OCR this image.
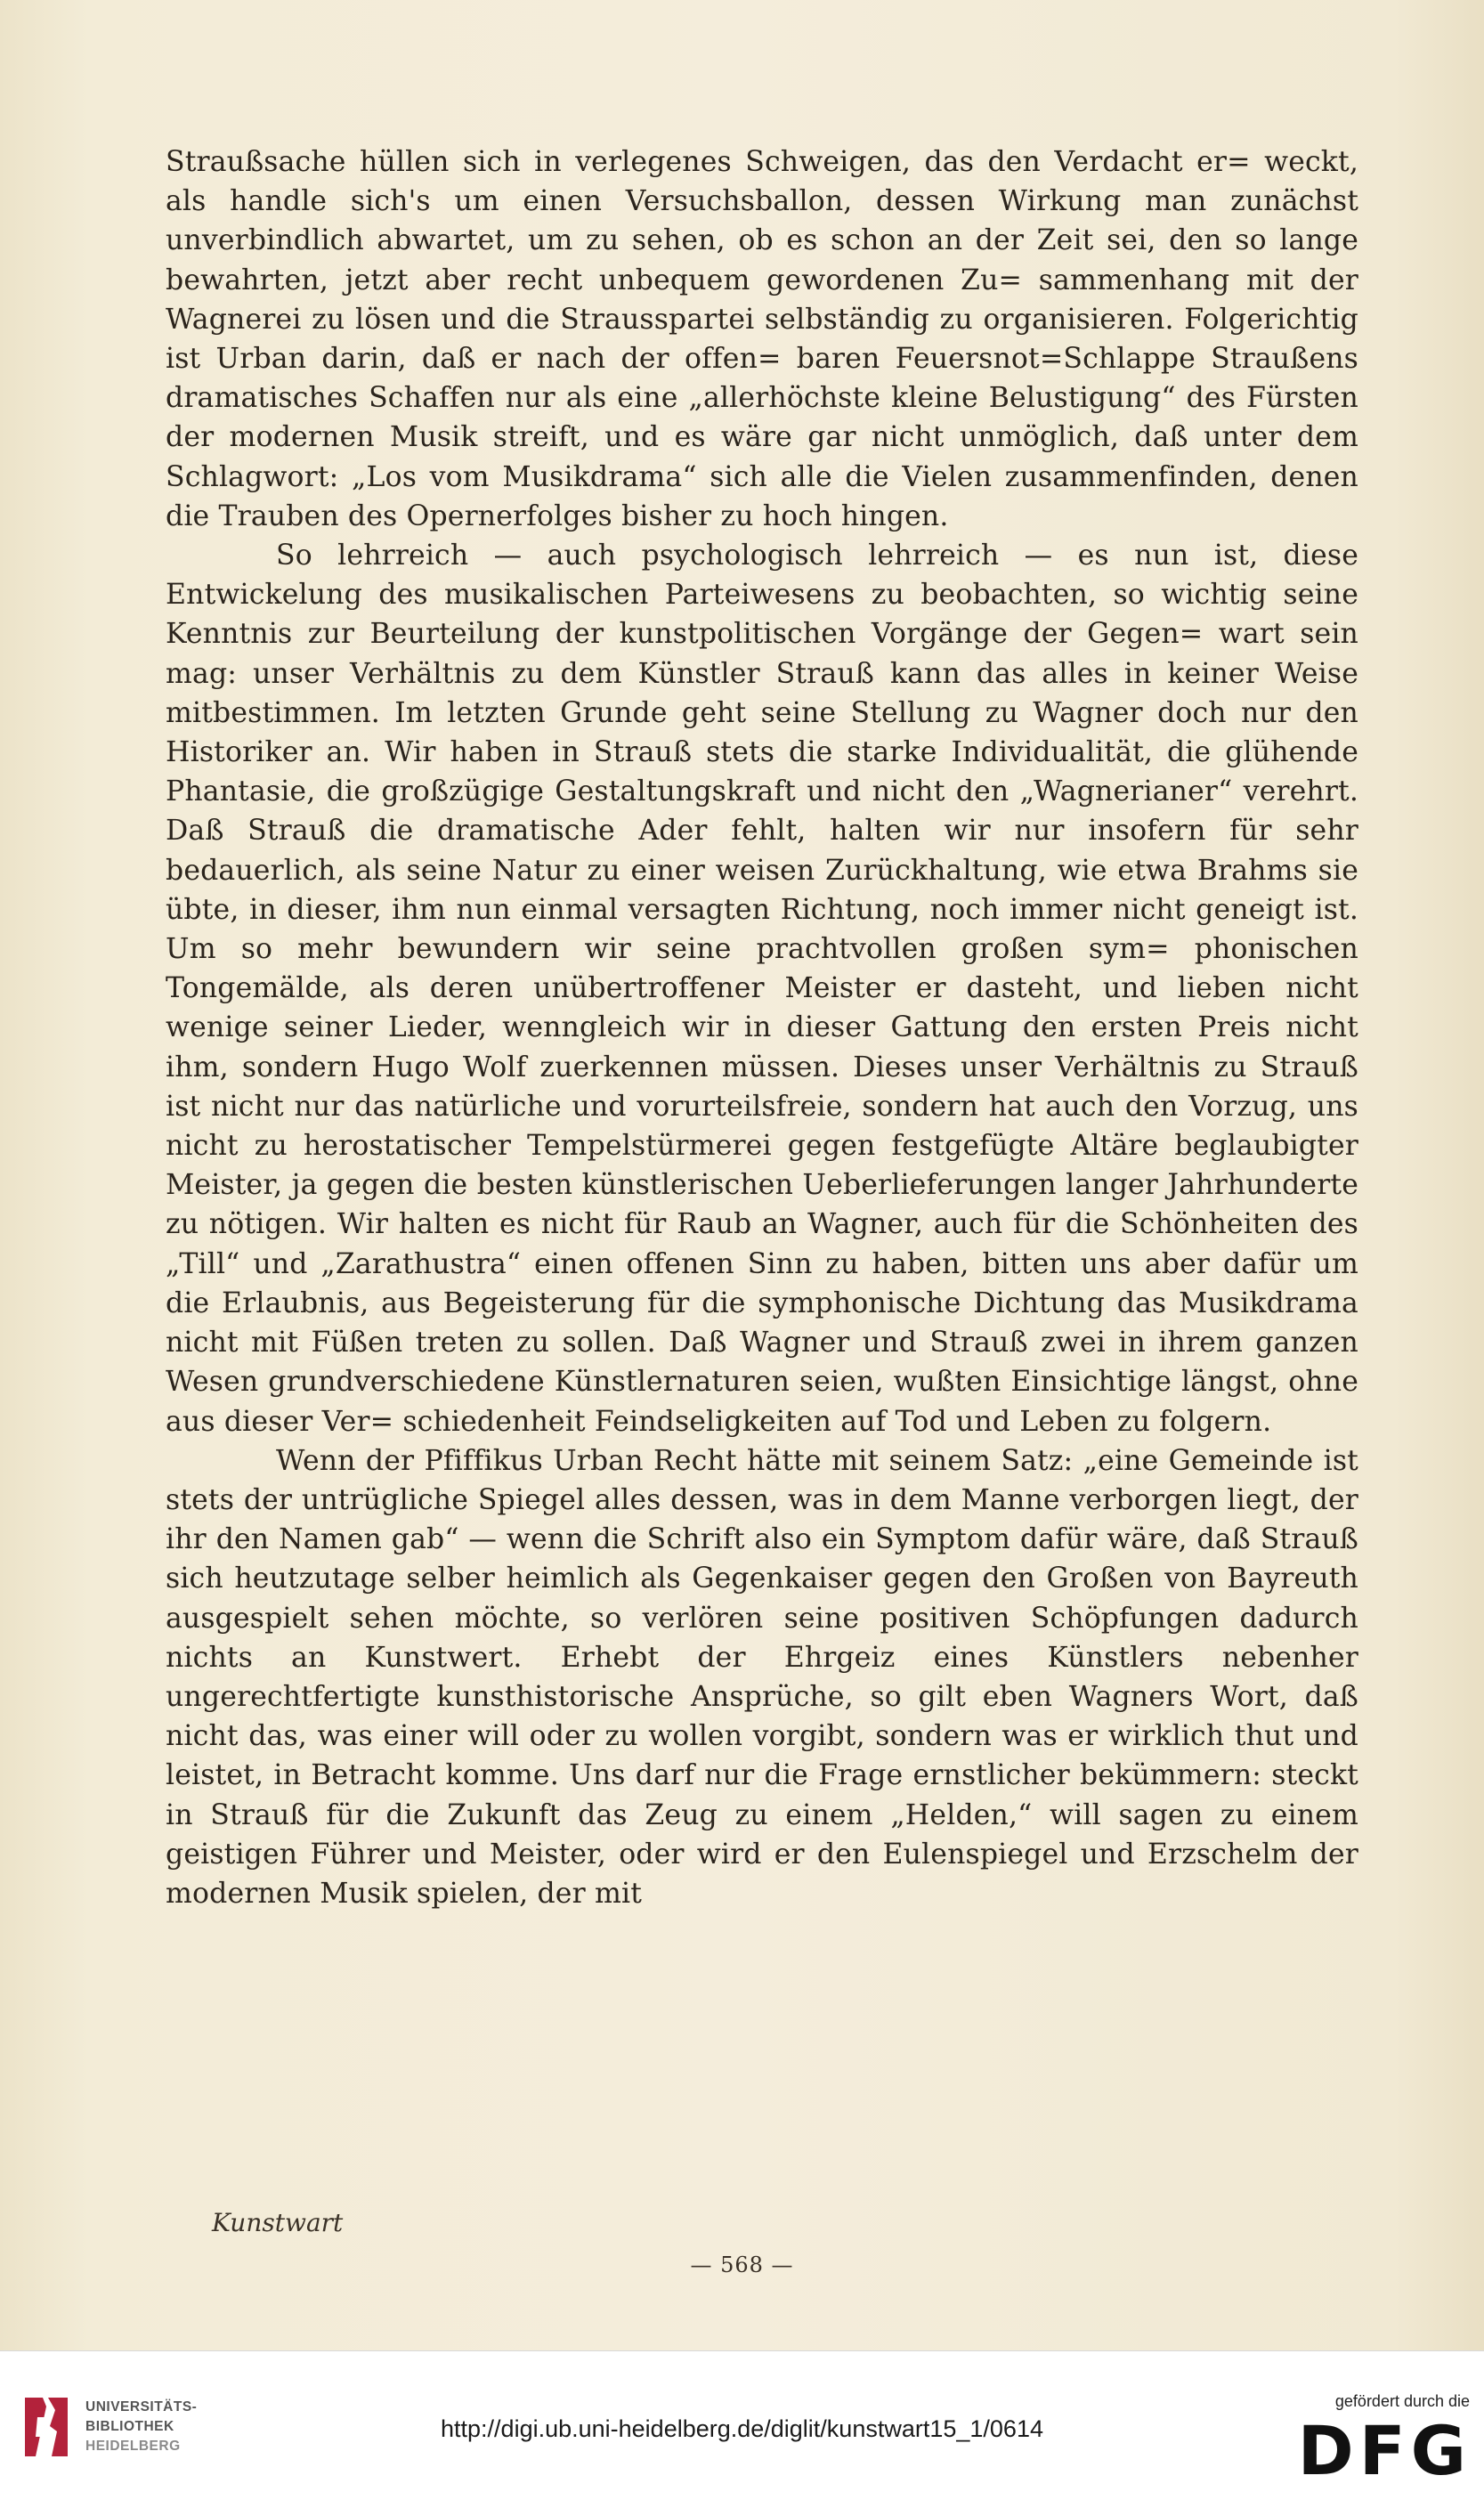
Straußsache hüllen sich in verlegenes Schweigen, das den Verdacht er= weckt, als handle sich's um einen Versuchsballon, dessen Wirkung man zunächst unverbindlich abwartet, um zu sehen, ob es schon an der Zeit sei, den so lange bewahrten, jetzt aber recht unbequem gewordenen Zu= sammenhang mit der Wagnerei zu lösen und die Strausspartei selbständig zu organisieren. Folgerichtig ist Urban darin, daß er nach der offen= baren Feuersnot=Schlappe Straußens dramatisches Schaffen nur als eine „allerhöchste kleine Belustigung“ des Fürsten der modernen Musik streift, und es wäre gar nicht unmöglich, daß unter dem Schlagwort: „Los vom Musikdrama“ sich alle die Vielen zusammenfinden, denen die Trauben des Opernerfolges bisher zu hoch hingen.

So lehrreich — auch psychologisch lehrreich — es nun ist, diese Entwickelung des musikalischen Parteiwesens zu beobachten, so wichtig seine Kenntnis zur Beurteilung der kunstpolitischen Vorgänge der Gegen= wart sein mag: unser Verhältnis zu dem Künstler Strauß kann das alles in keiner Weise mitbestimmen. Im letzten Grunde geht seine Stellung zu Wagner doch nur den Historiker an. Wir haben in Strauß stets die starke Individualität, die glühende Phantasie, die großzügige Gestaltungskraft und nicht den „Wagnerianer“ verehrt. Daß Strauß die dramatische Ader fehlt, halten wir nur insofern für sehr bedauerlich, als seine Natur zu einer weisen Zurückhaltung, wie etwa Brahms sie übte, in dieser, ihm nun einmal versagten Richtung, noch immer nicht geneigt ist. Um so mehr bewundern wir seine prachtvollen großen sym= phonischen Tongemälde, als deren unübertroffener Meister er dasteht, und lieben nicht wenige seiner Lieder, wenngleich wir in dieser Gattung den ersten Preis nicht ihm, sondern Hugo Wolf zuerkennen müssen. Dieses unser Verhältnis zu Strauß ist nicht nur das natürliche und vorurteilsfreie, sondern hat auch den Vorzug, uns nicht zu herostatischer Tempelstürmerei gegen festgefügte Altäre beglaubigter Meister, ja gegen die besten künstlerischen Ueberlieferungen langer Jahrhunderte zu nötigen. Wir halten es nicht für Raub an Wagner, auch für die Schönheiten des „Till“ und „Zarathustra“ einen offenen Sinn zu haben, bitten uns aber dafür um die Erlaubnis, aus Begeisterung für die symphonische Dichtung das Musikdrama nicht mit Füßen treten zu sollen. Daß Wagner und Strauß zwei in ihrem ganzen Wesen grundverschiedene Künstlernaturen seien, wußten Einsichtige längst, ohne aus dieser Ver= schiedenheit Feindseligkeiten auf Tod und Leben zu folgern.

Wenn der Pfiffikus Urban Recht hätte mit seinem Satz: „eine Gemeinde ist stets der untrügliche Spiegel alles dessen, was in dem Manne verborgen liegt, der ihr den Namen gab“ — wenn die Schrift also ein Symptom dafür wäre, daß Strauß sich heutzutage selber heimlich als Gegenkaiser gegen den Großen von Bayreuth ausgespielt sehen möchte, so verlören seine positiven Schöpfungen dadurch nichts an Kunstwert. Erhebt der Ehrgeiz eines Künstlers nebenher ungerechtfertigte kunsthistorische Ansprüche, so gilt eben Wagners Wort, daß nicht das, was einer will oder zu wollen vorgibt, sondern was er wirklich thut und leistet, in Betracht komme. Uns darf nur die Frage ernstlicher bekümmern: steckt in Strauß für die Zukunft das Zeug zu einem „Helden,“ will sagen zu einem geistigen Führer und Meister, oder wird er den Eulenspiegel und Erzschelm der modernen Musik spielen, der mit

Kunstwart
— 568 —
UNIVERSITÄTS-
BIBLIOTHEK
HEIDELBERG
http://digi.ub.uni-heidelberg.de/diglit/kunstwart15_1/0614
gefördert durch die
DFG
